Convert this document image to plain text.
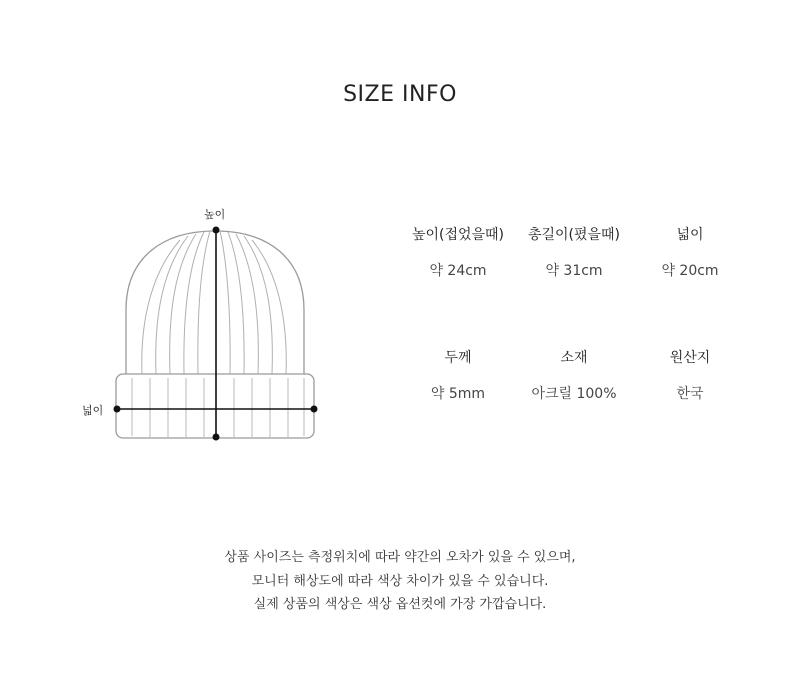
SIZE INFO
높이
넓이
높이(접었을때)
약 24cm
총길이(폈을때)
약 31cm
넓이
약 20cm
두께
약 5mm
소재
아크릴 100%
원산지
한국
상품 사이즈는 측정위치에 따라 약간의 오차가 있을 수 있으며,
모니터 해상도에 따라 색상 차이가 있을 수 있습니다.
실제 상품의 색상은 색상 옵션컷에 가장 가깝습니다.
